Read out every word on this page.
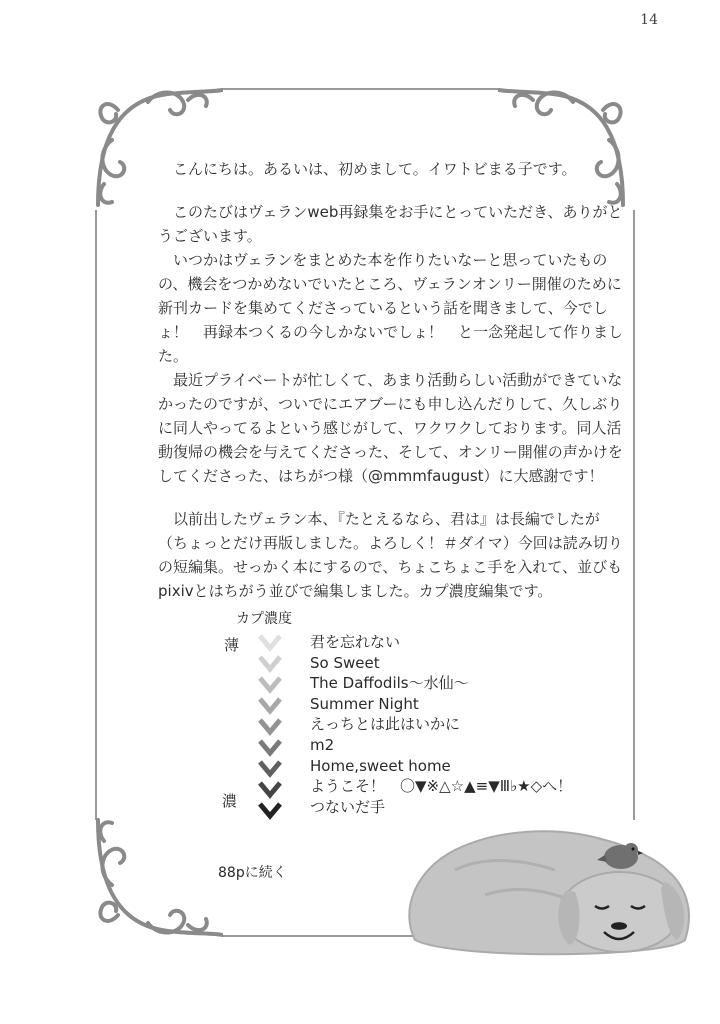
14

こんにちは。あるいは、初めまして。イワトビまる子です。

このたびはヴェランweb再録集をお手にとっていただき、ありがとうございます。

いつかはヴェランをまとめた本を作りたいなーと思っていたものの、機会をつかめないでいたところ、ヴェランオンリー開催のために新刊カードを集めてくださっているという話を聞きまして、今でしょ！　再録本つくるの今しかないでしょ！　と一念発起して作りました。

最近プライベートが忙しくて、あまり活動らしい活動ができていなかったのですが、ついでにエアブーにも申し込んだりして、久しぶりに同人やってるよという感じがして、ワクワクしております。同人活動復帰の機会を与えてくださった、そして、オンリー開催の声かけをしてくださった、はちがつ様（@mmmfaugust）に大感謝です！

以前出したヴェラン本、『たとえるなら、君は』は長編でしたが（ちょっとだけ再版しました。よろしく！＃ダイマ）今回は読み切りの短編集。せっかく本にするので、ちょこちょこ手を入れて、並びもpixivとはちがう並びで編集しました。カプ濃度編集です。

カプ濃度
薄
濃
君を忘れない
So Sweet
The Daffodils〜水仙〜
Summer Night
えっちとは此はいかに
m2
Home,sweet home
ようこそ！　〇▼※△☆▲≡▼Ⅲ♭★◇へ！
つないだ手
88pに続く
